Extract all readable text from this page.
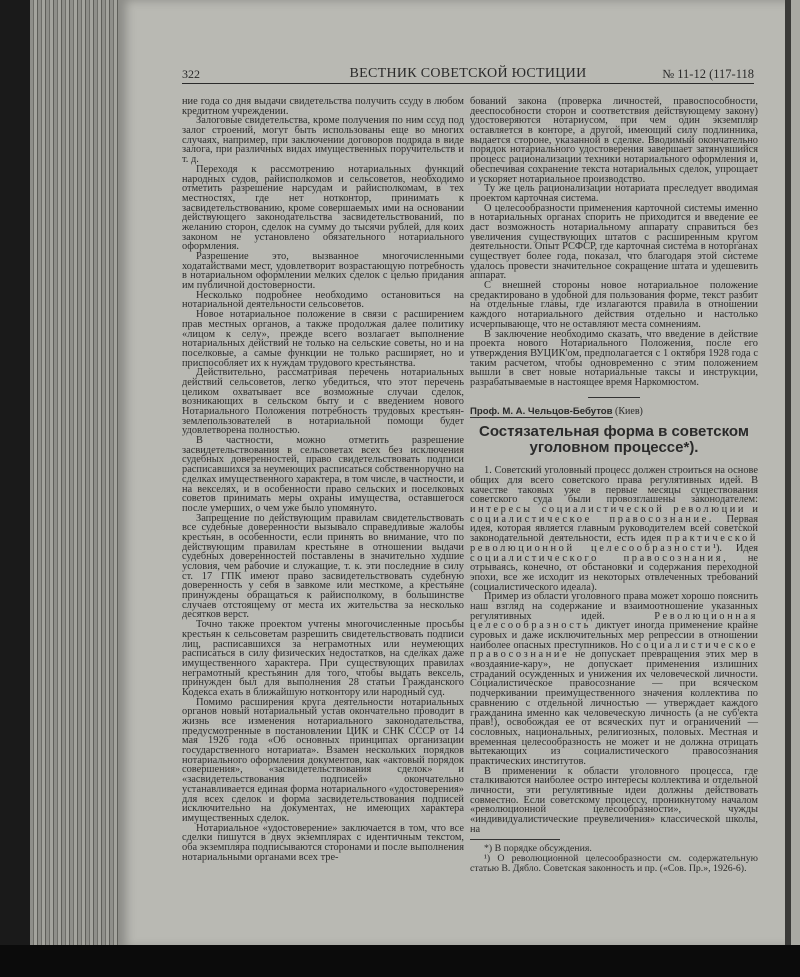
322	ВЕСТНИК СОВЕТСКОЙ ЮСТИЦИИ	№ 11-12 (117-118

ние года со дня выдачи свидетельства получить ссуду в любом кредитном учреждении.

Залоговые свидетельства, кроме получения по ним ссуд под залог строений, могут быть использованы еще во многих случаях, например, при заключении договоров подряда в виде залога, при различных видах имущественных поручительств и т. д.

Переходя к рассмотрению нотариальных функций народных судов, райисполкомов и сельсоветов, необходимо отметить разрешение нарсудам и райисполкомам, в тех местностях, где нет нотконтор, принимать к засвидетельствованию, кроме совершаемых ими на основании действующего законодательства засвидетельствований, по желанию сторон, сделок на сумму до тысячи рублей, для коих законом не установлено обязательного нотариального оформления.

Разрешение это, вызванное многочисленными ходатайствами мест, удовлетворит возрастающую потребность в нотариальном оформлении мелких сделок с целью придания им публичной достоверности.

Несколько подробнее необходимо остановиться на нотариальной деятельности сельсоветов.

Новое нотариальное положение в связи с расширением прав местных органов, а также продолжая далее политику «лицом к селу», прежде всего возлагает выполнение нотариальных действий не только на сельские советы, но и на поселковые, а самые функции не только расширяет, но и приспособляет их к нуждам трудового крестьянства.

Действительно, рассматривая перечень нотариальных действий сельсоветов, легко убедиться, что этот перечень целиком охватывает все возможные случаи сделок, возникающих в сельском быту и с введением нового Нотариального Положения потребность трудовых крестьян-землепользователей в нотариальной помощи будет удовлетворена полностью.

В частности, можно отметить разрешение засвидетельствования в сельсоветах всех без исключения судебных доверенностей, право свидетельствовать подписи расписавшихся за неумеющих расписаться собственноручно на сделках имущественного характера, в том числе, в частности, и на векселях, и в особенности право сельских и поселковых советов принимать меры охраны имущества, оставшегося после умерших, о чем уже было упомянуто.

Запрещение по действующим правилам свидетельствовать все судебные доверенности вызывало справедливые жалобы крестьян, в особенности, если принять во внимание, что по действующим правилам крестьяне в отношении выдачи судебных доверенностей поставлены в значительно худшие условия, чем рабочие и служащие, т. к. эти последние в силу ст. 17 ГПК имеют право засвидетельствовать судебную доверенность у себя в завкоме или месткоме, а крестьяне принуждены обращаться к райисполкому, в большинстве случаев отстоящему от места их жительства за несколько десятков верст.

Точно также проектом учтены многочисленные просьбы крестьян к сельсоветам разрешить свидетельствовать подписи лиц, расписавшихся за неграмотных или неумеющих расписаться в силу физических недостатков, на сделках даже имущественного характера. При существующих правилах неграмотный крестьянин для того, чтобы выдать вексель, принужден был для выполнения 28 статьи Гражданского Кодекса ехать в ближайшую нотконтору или народный суд.

Помимо расширения круга деятельности нотариальных органов новый нотариальный устав окончательно проводит в жизнь все изменения нотариального законодательства, предусмотренные в постановлении ЦИК и СНК СССР от 14 мая 1926 года «Об основных принципах организации государственного нотариата». Взамен нескольких порядков нотариального оформления документов, как «актовый порядок совершения», «засвидетельствования сделок» и «засвидетельствования подписей» окончательно устанавливается единая форма нотариального «удостоверения» для всех сделок и форма засвидетельствования подписей исключительно на документах, не имеющих характера имущественных сделок.

Нотариальное «удостоверение» заключается в том, что все сделки пишутся в двух экземплярах с идентичным текстом, оба экземпляра подписываются сторонами и после выполнения нотариальными органами всех тре-

бований закона (проверка личностей, правоспособности, дееспособности сторон и соответствия действующему закону) удостоверяются нотариусом, при чем один экземпляр оставляется в конторе, а другой, имеющий силу подлинника, выдается стороне, указанной в сделке. Вводимый окончательно порядок нотариального удостоверения завершает затянувшийся процесс рационализации техники нотариального оформления и, обеспечивая сохранение текста нотариальных сделок, упрощает и ускоряет нотариальное производство.

Ту же цель рационализации нотариата преследует вводимая проектом карточная система.

О целесообразности применения карточной системы именно в нотариальных органах спорить не приходится и введение ее даст возможность нотариальному аппарату справиться без увеличения существующих штатов с расширенным кругом деятельности. Опыт РСФСР, где карточная система в ноторганах существует более года, показал, что благодаря этой системе удалось провести значительное сокращение штата и удешевить аппарат.

С внешней стороны новое нотариальное положение средактировано в удобной для пользования форме, текст разбит на отдельные главы, где излагаются правила в отношении каждого нотариального действия отдельно и настолько исчерпывающе, что не оставляют места сомнениям.

В заключение необходимо сказать, что введение в действие проекта нового Нотариального Положения, после его утверждения ВУЦИК'ом, предполагается с 1 октября 1928 года с таким расчетом, чтобы одновременно с этим положением вышли в свет новые нотариальные таксы и инструкции, разрабатываемые в настоящее время Наркомюстом.

Проф. М. А. Чельцов-Бебутов (Киев)
Состязательная форма в советском уголовном процессе*).

1. Советский уголовный процесс должен строиться на основе общих для всего советского права регулятивных идей. В качестве таковых уже в первые месяцы существования советского суда были провозглашены законодателем: интересы социалистической революции и социалистическое правосознание. Первая идея, которая является главным руководителем всей советской законодательной деятельности, есть идея практической революционной целесообразности¹). Идея социалистического правосознания, не отрываясь, конечно, от обстановки и содержания переходной эпохи, все же исходит из некоторых отвлеченных требований (социалистического идеала).

Пример из области уголовного права может хорошо пояснить наш взгляд на содержание и взаимоотношение указанных регулятивных идей. Революционная целесообразность диктует иногда применение крайне суровых и даже исключительных мер репрессии в отношении наиболее опасных преступников. Но социалистическое правосознание не допускает превращения этих мер в «воздаяние-кару», не допускает применения излишних страданий осужденных и унижения их человеческой личности. Социалистическое правосознание — при всяческом подчеркивании преимущественного значения коллектива по сравнению с отдельной личностью — утверждает каждого гражданина именно как человеческую личность (а не суб'екта прав!), освобождая ее от всяческих пут и ограничений — сословных, национальных, религиозных, половых. Местная и временная целесообразность не может и не должна отрицать вытекающих из социалистического правосознания практических институтов.

В применении к области уголовного процесса, где сталкиваются наиболее остро интересы коллектива и отдельной личности, эти регулятивные идеи должны действовать совместно. Если советскому процессу, проникнутому началом «революционной целесообразности», чужды «индивидуалистические преувеличения» классической школы, на

*) В порядке обсуждения.

¹) О революционной целесообразности см. содержательную статью В. Дябло. Советская законность и пр. («Сов. Пр.», 1926-6).
